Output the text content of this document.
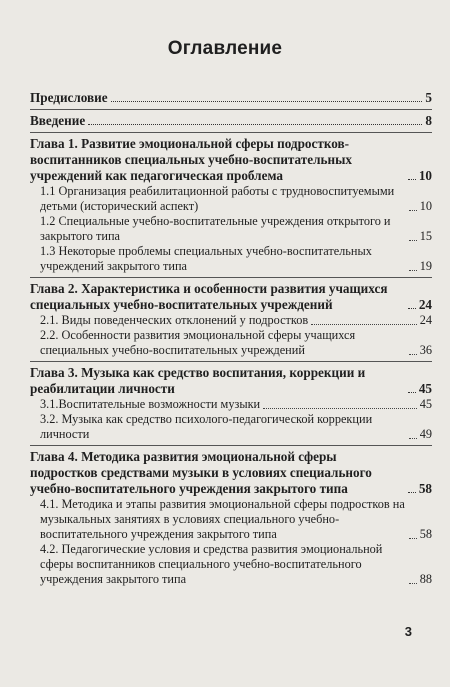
Оглавление
Предисловие	5
Введение	8
Глава 1. Развитие эмоциональной сферы подростков-воспитанников специальных учебно-воспитательных учреждений как педагогическая проблема	10
1.1 Организация реабилитационной работы с трудновоспитуемыми детьми (исторический аспект)	10
1.2 Специальные учебно-воспитательные учреждения открытого и закрытого типа	15
1.3 Некоторые проблемы специальных учебно-воспитательных учреждений закрытого типа	19
Глава 2. Характеристика и особенности развития учащихся специальных учебно-воспитательных учреждений	24
2.1. Виды поведенческих отклонений у подростков	24
2.2. Особенности развития эмоциональной сферы учащихся специальных учебно-воспитательных учреждений	36
Глава 3. Музыка как средство воспитания, коррекции и реабилитации личности	45
3.1.Воспитательные возможности музыки	45
3.2. Музыка как средство психолого-педагогической коррекции личности	49
Глава 4. Методика развития эмоциональной сферы подростков средствами музыки в условиях специального учебно-воспитательного учреждения закрытого типа	58
4.1. Методика и этапы развития эмоциональной сферы подростков на музыкальных занятиях в условиях специального учебно-воспитательного учреждения закрытого типа	58
4.2. Педагогические условия и средства развития эмоциональной сферы воспитанников специального учебно-воспитательного учреждения закрытого типа	88
3
